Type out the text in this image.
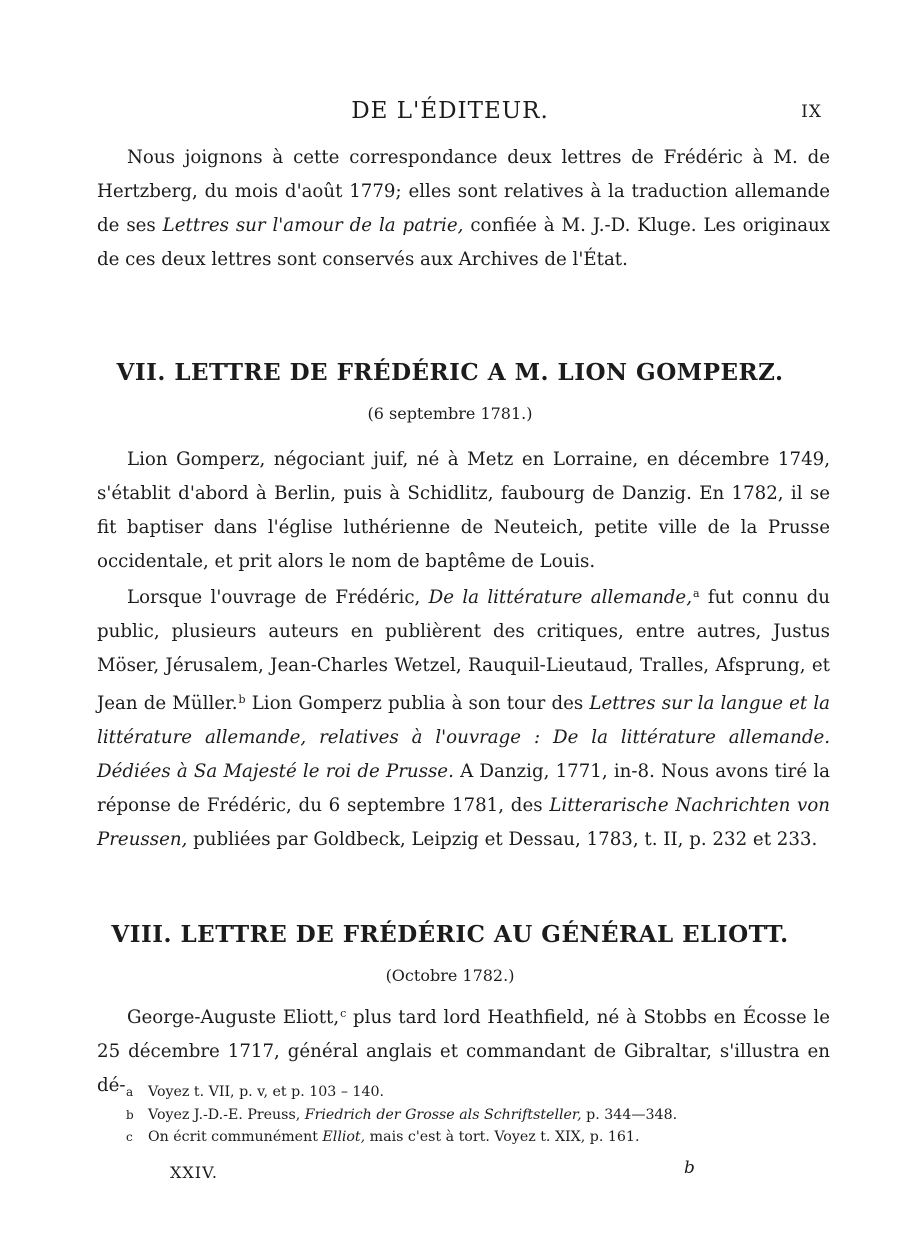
DE L'ÉDITEUR.	IX

Nous joignons à cette correspondance deux lettres de Frédéric à M. de Hertzberg, du mois d'août 1779; elles sont relatives à la traduction allemande de ses Lettres sur l'amour de la patrie, confiée à M. J.-D. Kluge. Les originaux de ces deux lettres sont conservés aux Archives de l'État.

VII. LETTRE DE FRÉDÉRIC A M. LION GOMPERZ.
(6 septembre 1781.)

Lion Gomperz, négociant juif, né à Metz en Lorraine, en décembre 1749, s'établit d'abord à Berlin, puis à Schidlitz, faubourg de Danzig. En 1782, il se fit baptiser dans l'église luthérienne de Neuteich, petite ville de la Prusse occidentale, et prit alors le nom de baptême de Louis.

Lorsque l'ouvrage de Frédéric, De la littérature allemande,$^a$ fut connu du public, plusieurs auteurs en publièrent des critiques, entre autres, Justus Möser, Jérusalem, Jean-Charles Wetzel, Rauquil-Lieutaud, Tralles, Afsprung, et Jean de Müller.$^b$ Lion Gomperz publia à son tour des Lettres sur la langue et la littérature allemande, relatives à l'ouvrage : De la littérature allemande. Dédiées à Sa Majesté le roi de Prusse. A Danzig, 1771, in-8. Nous avons tiré la réponse de Frédéric, du 6 septembre 1781, des Litterarische Nachrichten von Preussen, publiées par Goldbeck, Leipzig et Dessau, 1783, t. II, p. 232 et 233.

VIII. LETTRE DE FRÉDÉRIC AU GÉNÉRAL ELIOTT.
(Octobre 1782.)

George-Auguste Eliott,$^c$ plus tard lord Heathfield, né à Stobbs en Écosse le 25 décembre 1717, général anglais et commandant de Gibraltar, s'illustra en dé- a Voyez t. VII, p. v, et p. 103 – 140.
b Voyez J.-D.-E. Preuss, Friedrich der Grosse als Schriftsteller, p. 344—348.
c On écrit communément Elliot, mais c'est à tort. Voyez t. XIX, p. 161.
XXIV.	b
